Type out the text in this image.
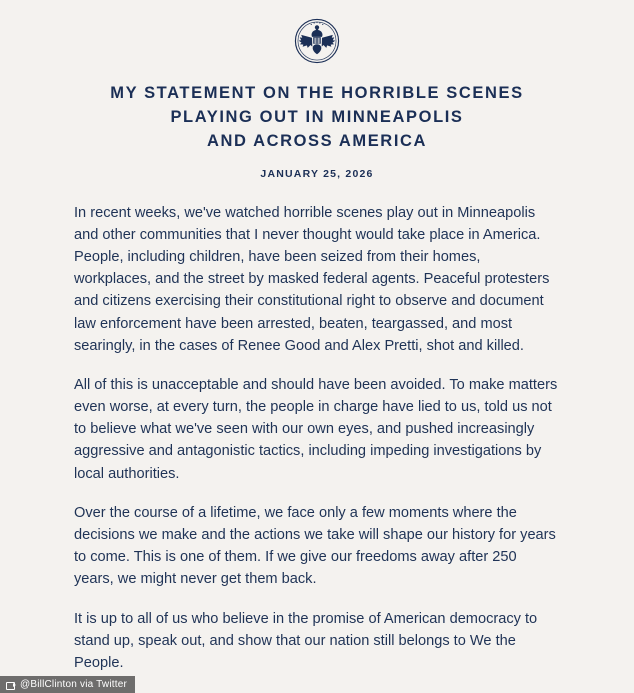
MY STATEMENT ON THE HORRIBLE SCENES
PLAYING OUT IN MINNEAPOLIS
AND ACROSS AMERICA
JANUARY 25, 2026

In recent weeks, we've watched horrible scenes play out in Minneapolis and other communities that I never thought would take place in America. People, including children, have been seized from their homes, workplaces, and the street by masked federal agents. Peaceful protesters and citizens exercising their constitutional right to observe and document law enforcement have been arrested, beaten, teargassed, and most searingly, in the cases of Renee Good and Alex Pretti, shot and killed.

All of this is unacceptable and should have been avoided. To make matters even worse, at every turn, the people in charge have lied to us, told us not to believe what we've seen with our own eyes, and pushed increasingly aggressive and antagonistic tactics, including impeding investigations by local authorities.

Over the course of a lifetime, we face only a few moments where the decisions we make and the actions we take will shape our history for years to come. This is one of them. If we give our freedoms away after 250 years, we might never get them back.

It is up to all of us who believe in the promise of American democracy to stand up, speak out, and show that our nation still belongs to We the People.

@BillClinton via Twitter
